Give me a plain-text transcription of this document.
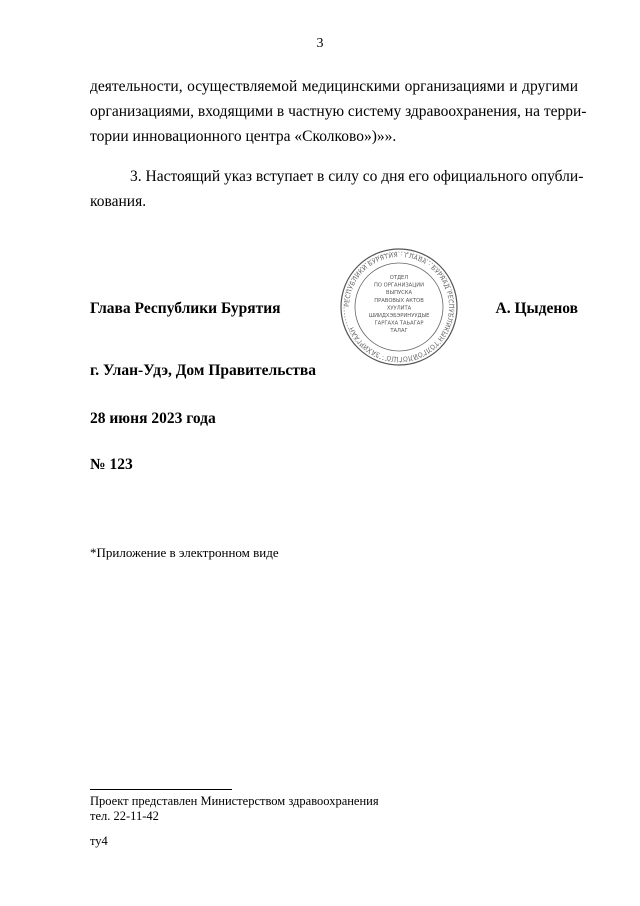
3
деятельности, осуществляемой медицинскими организациями и другими
организациями, входящими в частную систему здравоохранения, на терри-
тории инновационного центра «Сколково»)»».
3. Настоящий указ вступает в силу со дня его официального опубли-
кования.
РЕСПУБЛИКИ БУРЯТИЯ · ГЛАВА · БУРЯАД РЕСПУБЛИКЫН ТОЛГОЙЛОГШО · ЗАХИРГААН
ОТДЕЛ
ПО ОРГАНИЗАЦИИ
ВЫПУСКА
ПРАВОВЫХ АКТОВ
ХУУЛИТА
ШИИДХЭБЭРИНУУДЫЕ
ГАРГАХА ТАЬАГАР
ТАЛАГ
Глава Республики Бурятия	А. Цыденов
г. Улан-Удэ, Дом Правительства
28 июня 2023 года
№ 123
*Приложение в электронном виде
Проект представлен Министерством здравоохранения
тел. 22-11-42
ту4
